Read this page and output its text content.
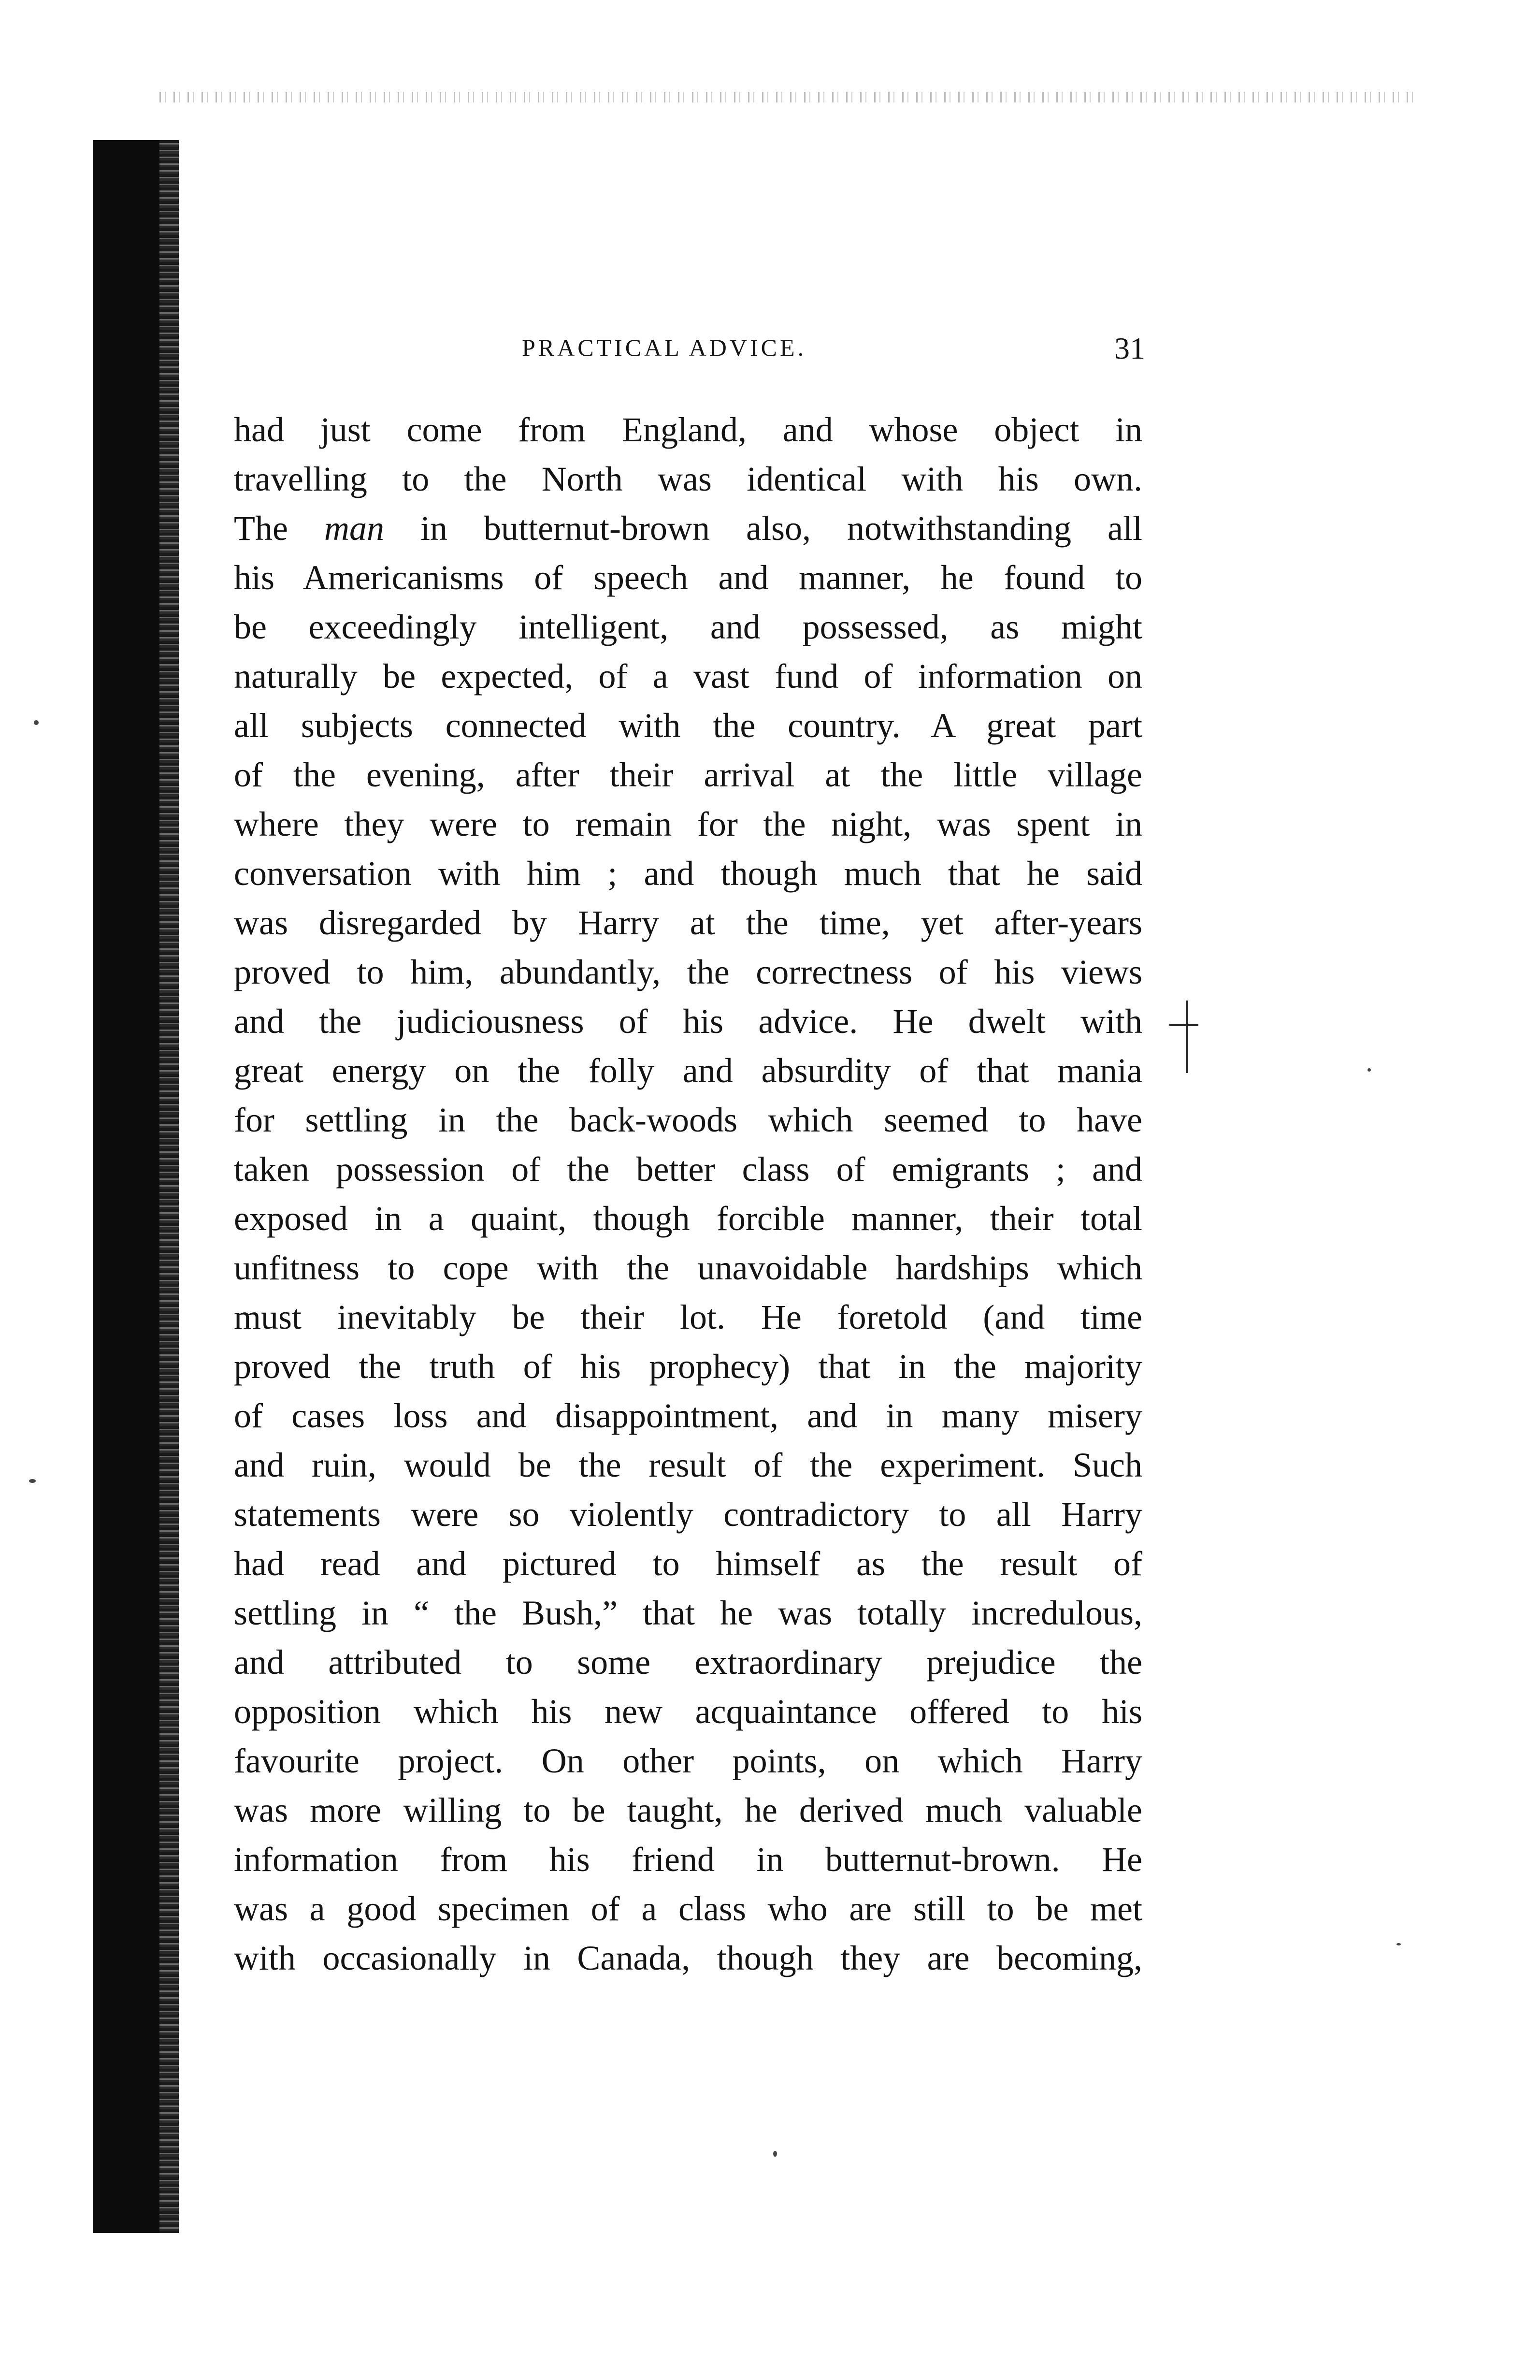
PRACTICAL ADVICE.	31
had just come from England, and whose object in
travelling to the North was identical with his own.
The man in butternut-brown also, notwithstanding all
his Americanisms of speech and manner, he found to
be exceedingly intelligent, and possessed, as might
naturally be expected, of a vast fund of information on
all subjects connected with the country. A great part
of the evening, after their arrival at the little village
where they were to remain for the night, was spent in
conversation with him ; and though much that he said
was disregarded by Harry at the time, yet after-years
proved to him, abundantly, the correctness of his views
and the judiciousness of his advice. He dwelt with
great energy on the folly and absurdity of that mania
for settling in the back-woods which seemed to have
taken possession of the better class of emigrants ; and
exposed in a quaint, though forcible manner, their total
unfitness to cope with the unavoidable hardships which
must inevitably be their lot. He foretold (and time
proved the truth of his prophecy) that in the majority
of cases loss and disappointment, and in many misery
and ruin, would be the result of the experiment. Such
statements were so violently contradictory to all Harry
had read and pictured to himself as the result of
settling in “ the Bush,” that he was totally incredulous,
and attributed to some extraordinary prejudice the
opposition which his new acquaintance offered to his
favourite project. On other points, on which Harry
was more willing to be taught, he derived much valuable
information from his friend in butternut-brown. He
was a good specimen of a class who are still to be met
with occasionally in Canada, though they are becoming,
